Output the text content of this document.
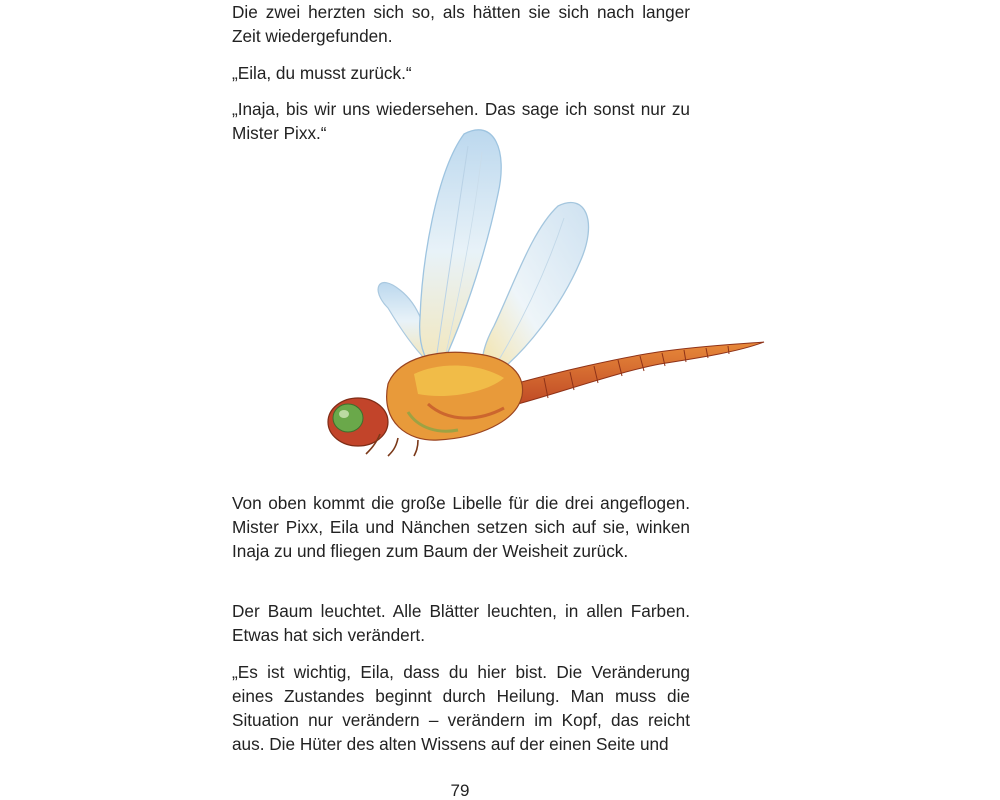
Die zwei herzten sich so, als hätten sie sich nach langer Zeit wiedergefunden.

„Eila, du musst zurück.“

„Inaja, bis wir uns wiedersehen. Das sage ich sonst nur zu Mister Pixx.“

Von oben kommt die große Libelle für die drei angeflogen. Mister Pixx, Eila und Nänchen setzen sich auf sie, winken Inaja zu und fliegen zum Baum der Weisheit zurück.

Der Baum leuchtet. Alle Blätter leuchten, in allen Farben. Etwas hat sich verändert.

„Es ist wichtig, Eila, dass du hier bist. Die Veränderung eines Zustandes beginnt durch Heilung. Man muss die Situation nur verändern – verändern im Kopf, das reicht aus. Die Hüter des alten Wissens auf der einen Seite und

79
